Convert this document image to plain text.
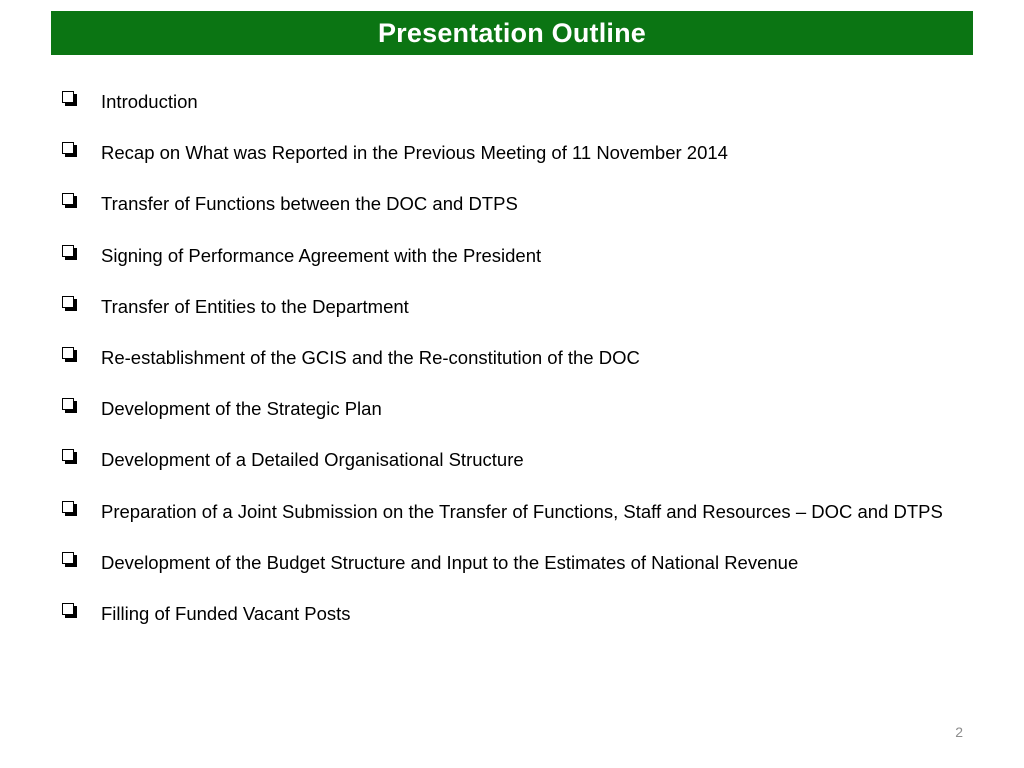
Presentation Outline
Introduction
Recap on What was Reported in the Previous Meeting of 11 November 2014
Transfer of Functions between the DOC and DTPS
Signing of Performance Agreement with the President
Transfer of Entities to the Department
Re-establishment of the GCIS and the Re-constitution of the DOC
Development of the Strategic Plan
Development of a Detailed Organisational Structure
Preparation of a Joint Submission on the Transfer of Functions, Staff and Resources – DOC and DTPS
Development of the Budget Structure and Input to the Estimates of National Revenue
Filling of Funded Vacant Posts
2
